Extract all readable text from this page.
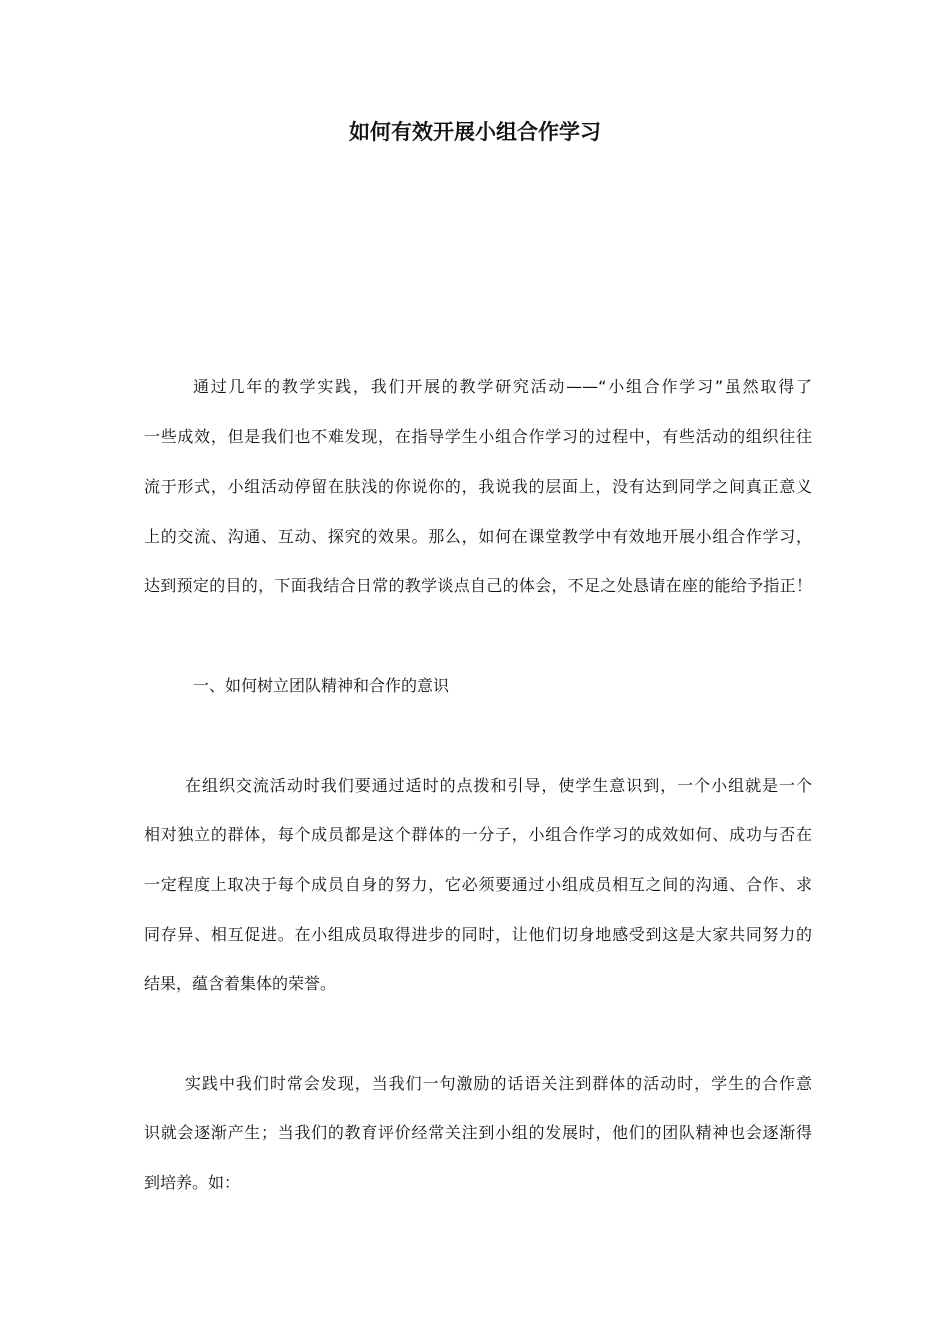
如何有效开展小组合作学习
通过几年的教学实践，我们开展的教学研究活动——“小组合作学习”虽然取得了
一些成效，但是我们也不难发现，在指导学生小组合作学习的过程中，有些活动的组织往往
流于形式，小组活动停留在肤浅的你说你的，我说我的层面上，没有达到同学之间真正意义
上的交流、沟通、互动、探究的效果。那么，如何在课堂教学中有效地开展小组合作学习，
达到预定的目的，下面我结合日常的教学谈点自己的体会，不足之处恳请在座的能给予指正！
一、如何树立团队精神和合作的意识
在组织交流活动时我们要通过适时的点拨和引导，使学生意识到，一个小组就是一个
相对独立的群体，每个成员都是这个群体的一分子，小组合作学习的成效如何、成功与否在
一定程度上取决于每个成员自身的努力，它必须要通过小组成员相互之间的沟通、合作、求
同存异、相互促进。在小组成员取得进步的同时，让他们切身地感受到这是大家共同努力的
结果，蕴含着集体的荣誉。
实践中我们时常会发现，当我们一句激励的话语关注到群体的活动时，学生的合作意
识就会逐渐产生；当我们的教育评价经常关注到小组的发展时，他们的团队精神也会逐渐得
到培养。如：
